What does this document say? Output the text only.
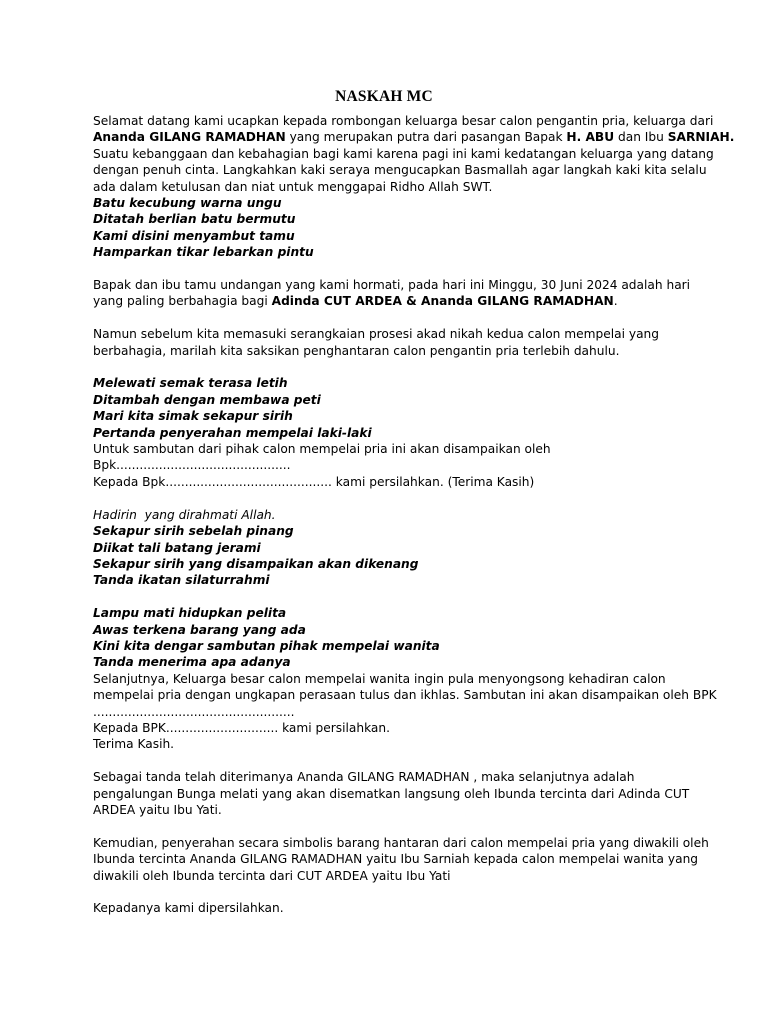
NASKAH MC

Selamat datang kami ucapkan kepada rombongan keluarga besar calon pengantin pria, keluarga dari

Ananda GILANG RAMADHAN yang merupakan putra dari pasangan Bapak H. ABU dan Ibu SARNIAH.

Suatu kebanggaan dan kebahagian bagi kami karena pagi ini kami kedatangan keluarga yang datang

dengan penuh cinta. Langkahkan kaki seraya mengucapkan Basmallah agar langkah kaki kita selalu

ada dalam ketulusan dan niat untuk menggapai Ridho Allah SWT.

Batu kecubung warna ungu

Ditatah berlian batu bermutu

Kami disini menyambut tamu

Hamparkan tikar lebarkan pintu

Bapak dan ibu tamu undangan yang kami hormati, pada hari ini Minggu, 30 Juni 2024 adalah hari

yang paling berbahagia bagi Adinda CUT ARDEA & Ananda GILANG RAMADHAN.

Namun sebelum kita memasuki serangkaian prosesi akad nikah kedua calon mempelai yang

berbahagia, marilah kita saksikan penghantaran calon pengantin pria terlebih dahulu.

Melewati semak terasa letih

Ditambah dengan membawa peti

Mari kita simak sekapur sirih

Pertanda penyerahan mempelai laki-laki

Untuk sambutan dari pihak calon mempelai pria ini akan disampaikan oleh

Bpk.............................................

Kepada Bpk........................................... kami persilahkan. (Terima Kasih)

Hadirin  yang dirahmati Allah.

Sekapur sirih sebelah pinang

Diikat tali batang jerami

Sekapur sirih yang disampaikan akan dikenang

Tanda ikatan silaturrahmi

Lampu mati hidupkan pelita

Awas terkena barang yang ada

Kini kita dengar sambutan pihak mempelai wanita

Tanda menerima apa adanya

Selanjutnya, Keluarga besar calon mempelai wanita ingin pula menyongsong kehadiran calon

mempelai pria dengan ungkapan perasaan tulus dan ikhlas. Sambutan ini akan disampaikan oleh BPK

....................................................

Kepada BPK............................. kami persilahkan.

Terima Kasih.

Sebagai tanda telah diterimanya Ananda GILANG RAMADHAN , maka selanjutnya adalah

pengalungan Bunga melati yang akan disematkan langsung oleh Ibunda tercinta dari Adinda CUT

ARDEA yaitu Ibu Yati.

Kemudian, penyerahan secara simbolis barang hantaran dari calon mempelai pria yang diwakili oleh

Ibunda tercinta Ananda GILANG RAMADHAN yaitu Ibu Sarniah kepada calon mempelai wanita yang

diwakili oleh Ibunda tercinta dari CUT ARDEA yaitu Ibu Yati

Kepadanya kami dipersilahkan.
